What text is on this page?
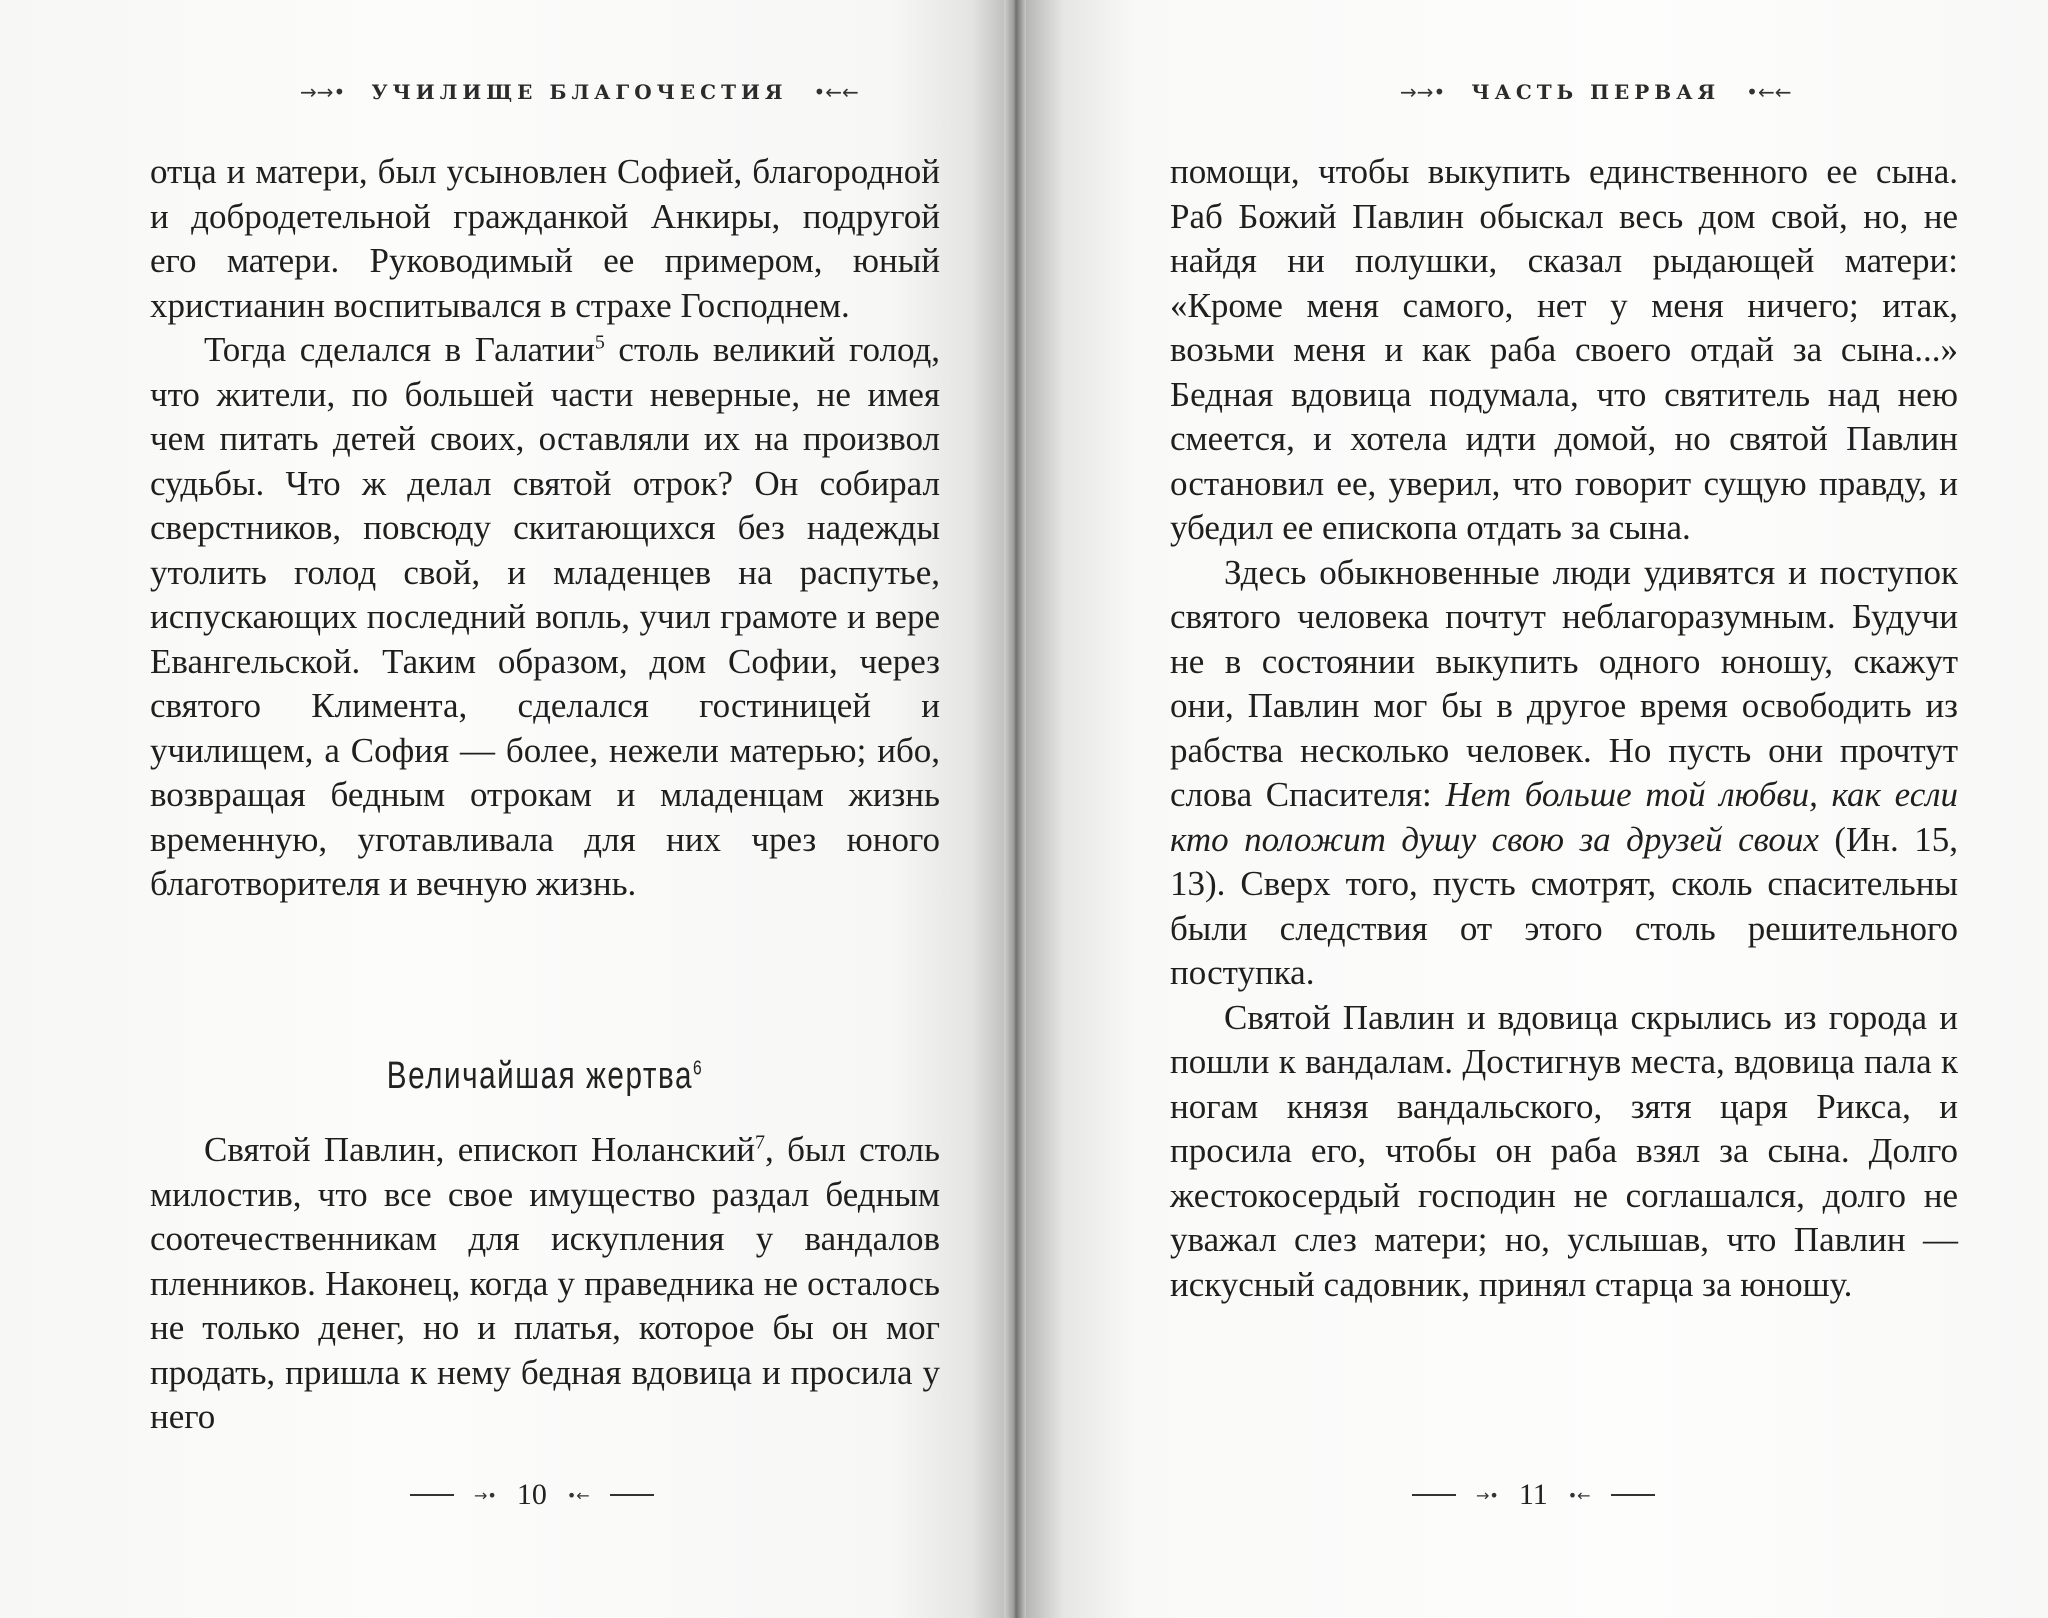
→→• УЧИЛИЩЕ БЛАГОЧЕСТИЯ •←←

отца и матери, был усыновлен Софией, благородной и добродетельной гражданкой Анкиры, подругой его матери. Руководимый ее примером, юный христианин воспитывался в страхе Господнем.

Тогда сделался в Галатии$^5$ столь великий голод, что жители, по большей части неверные, не имея чем питать детей своих, оставляли их на произвол судьбы. Что ж делал святой отрок? Он собирал сверстников, повсюду скитающихся без надежды утолить голод свой, и младенцев на распутье, испускающих последний вопль, учил грамоте и вере Евангельской. Таким образом, дом Софии, через святого Климента, сделался гостиницей и училищем, а София — более, нежели матерью; ибо, возвращая бедным отрокам и младенцам жизнь временную, уготавливала для них чрез юного благотворителя и вечную жизнь.

Величайшая жертва$^6$

Святой Павлин, епископ Ноланский$^7$, был столь милостив, что все свое имущество раздал бедным соотечественникам для искупления у вандалов пленников. Наконец, когда у праведника не осталось не только денег, но и платья, которое бы он мог продать, пришла к нему бедная вдовица и просила у него

→• 10 •←
→→• ЧАСТЬ ПЕРВАЯ •←←

помощи, чтобы выкупить единственного ее сына. Раб Божий Павлин обыскал весь дом свой, но, не найдя ни полушки, сказал рыдающей матери: «Кроме меня самого, нет у меня ничего; итак, возьми меня и как раба своего отдай за сына...» Бедная вдовица подумала, что святитель над нею смеется, и хотела идти домой, но святой Павлин остановил ее, уверил, что говорит сущую правду, и убедил ее епископа отдать за сына.

Здесь обыкновенные люди удивятся и поступок святого человека почтут неблагоразумным. Будучи не в состоянии выкупить одного юношу, скажут они, Павлин мог бы в другое время освободить из рабства несколько человек. Но пусть они прочтут слова Спасителя: Нет больше той любви, как если кто положит душу свою за друзей своих (Ин. 15, 13). Сверх того, пусть смотрят, сколь спасительны были следствия от этого столь решительного поступка.

Святой Павлин и вдовица скрылись из города и пошли к вандалам. Достигнув места, вдовица пала к ногам князя вандальского, зятя царя Рикса, и просила его, чтобы он раба взял за сына. Долго жестокосердый господин не соглашался, долго не уважал слез матери; но, услышав, что Павлин — искусный садовник, принял старца за юношу.

→• 11 •←
